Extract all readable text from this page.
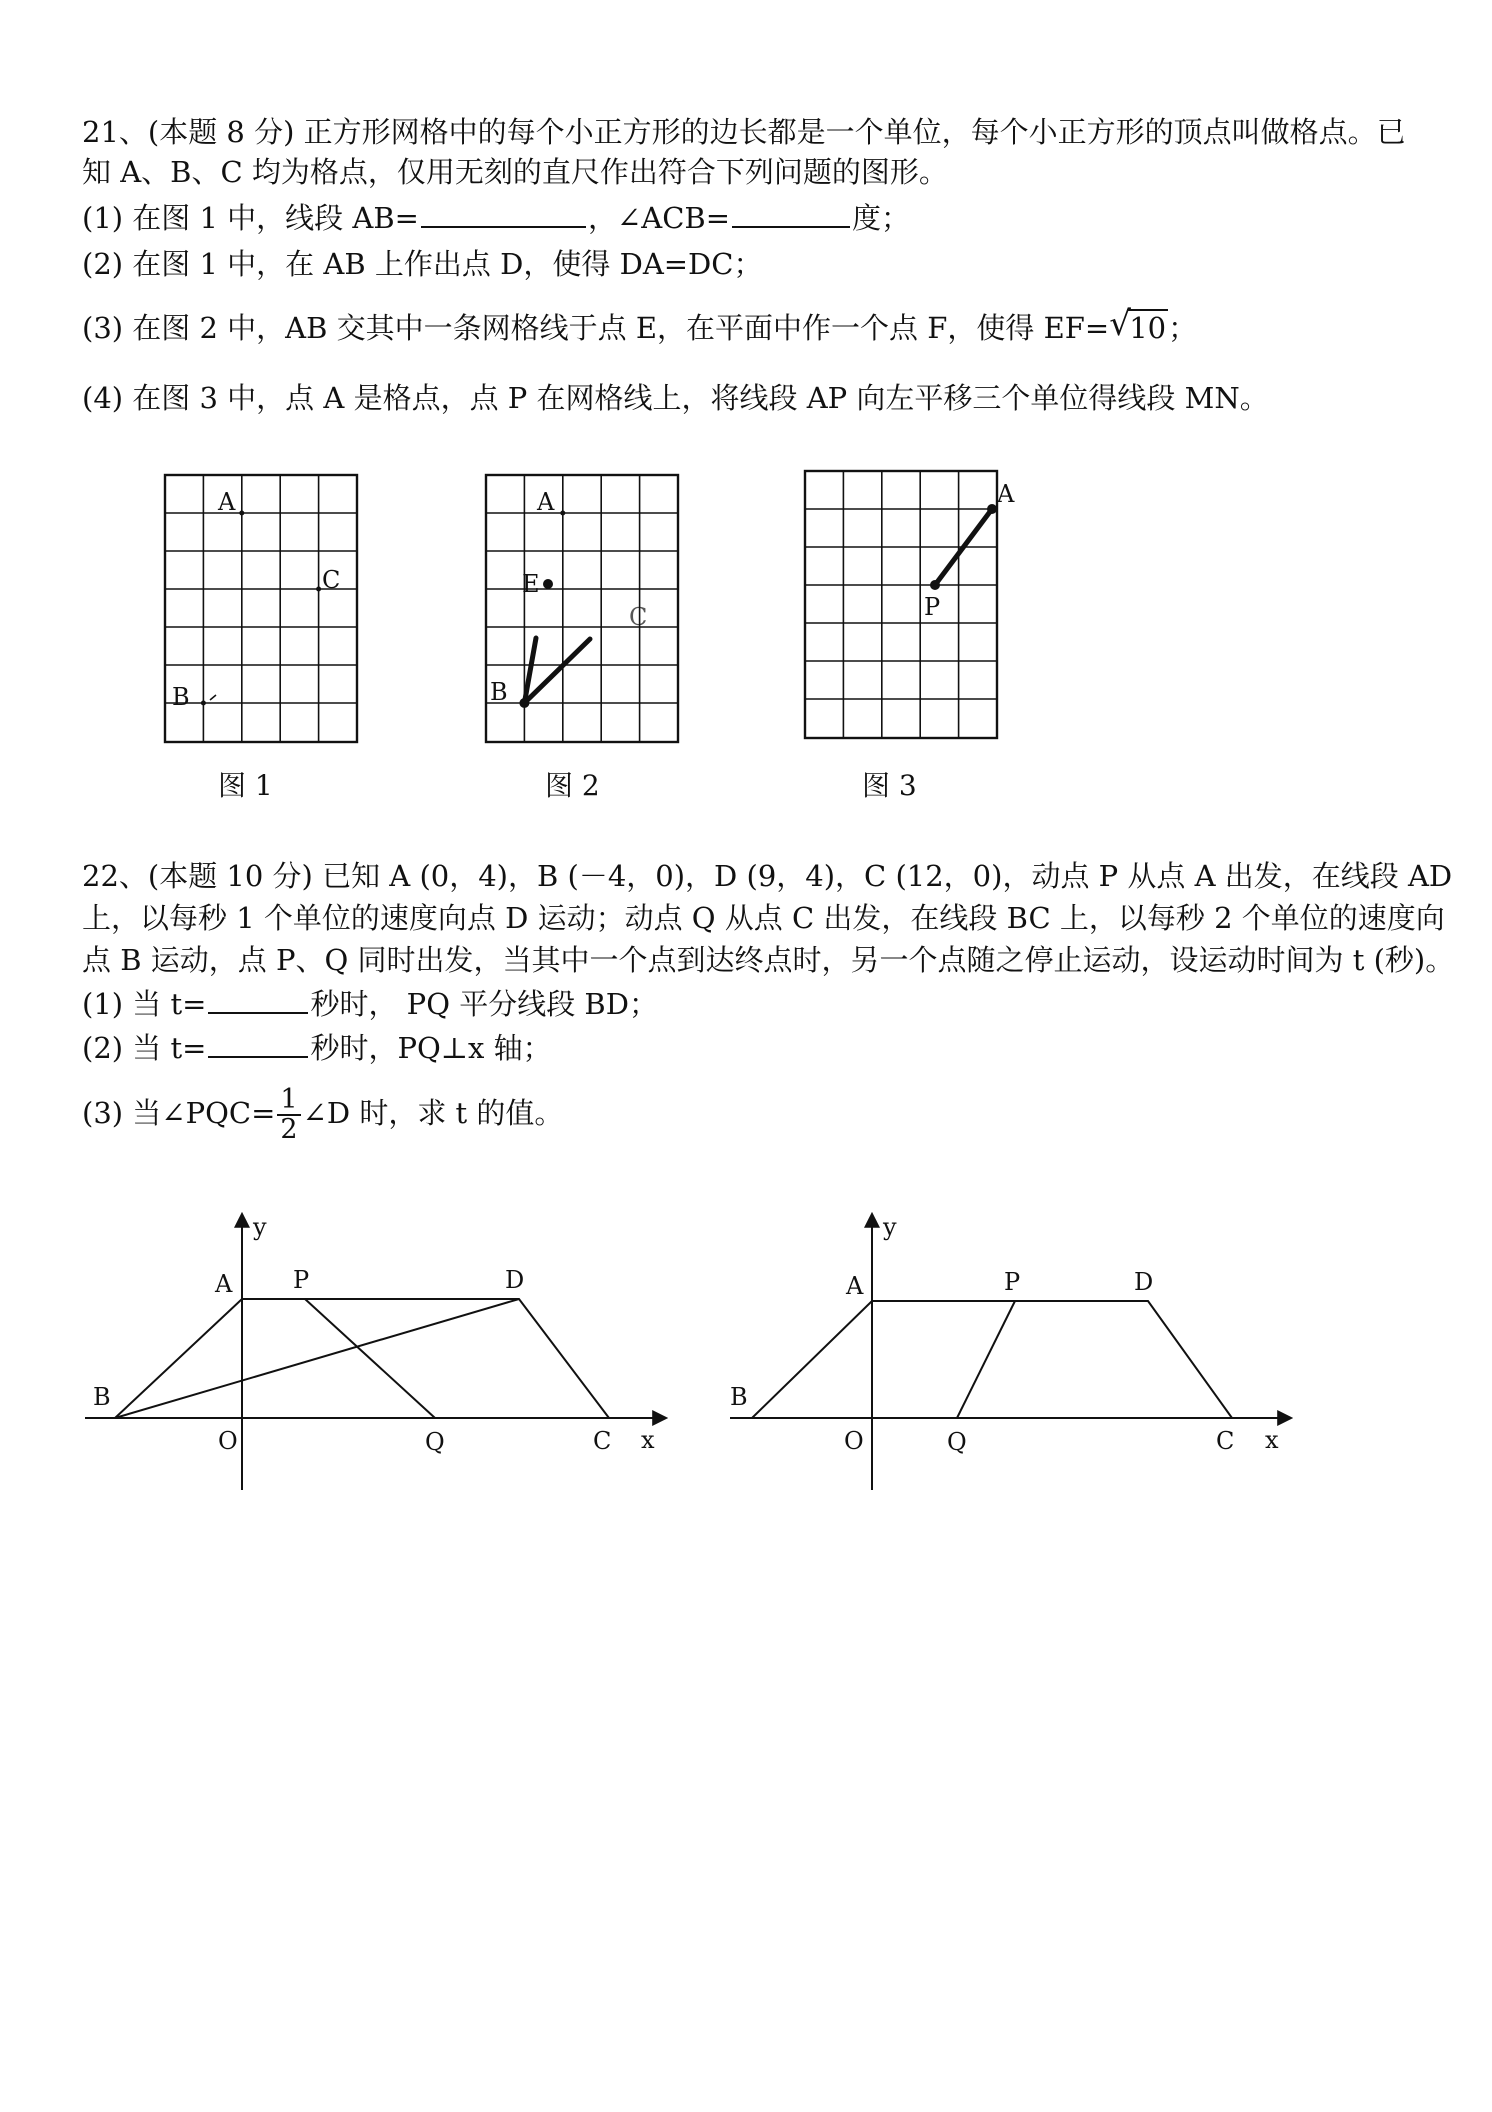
21、(本题 8 分) 正方形网格中的每个小正方形的边长都是一个单位，每个小正方形的顶点叫做格点。已
知 A、B、C 均为格点，仅用无刻的直尺作出符合下列问题的图形。
(1) 在图 1 中，线段 AB=	，∠ACB=	度；
(2) 在图 1 中，在 AB 上作出点 D，使得 DA=DC；
(3) 在图 2 中，AB 交其中一条网格线于点 E，在平面中作一个点 F，使得 EF= √
10；
(4) 在图 3 中，点 A 是格点，点 P 在网格线上，将线段 AP 向左平移三个单位得线段 MN。
A
C
B
图 1
A
E
C
B
图 2
A
P
图 3
22、(本题 10 分) 已知 A (0，4)，B (－4，0)，D (9，4)，C (12，0)，动点 P 从点 A 出发，在线段 AD
上，以每秒 1 个单位的速度向点 D 运动；动点 Q 从点 C 出发，在线段 BC 上，以每秒 2 个单位的速度向
点 B 运动，点 P、Q 同时出发，当其中一个点到达终点时，另一个点随之停止运动，设运动时间为 t (秒)。
(1) 当 t=	秒时， PQ 平分线段 BD；
(2) 当 t=	秒时，PQ⊥x 轴；
(3) 当∠PQC= $\frac{1}{2}$ ∠D 时，求 t 的值。
y
x
O
A	P	D
B
Q	C
y
x
O
A	P	D
B
Q	C
